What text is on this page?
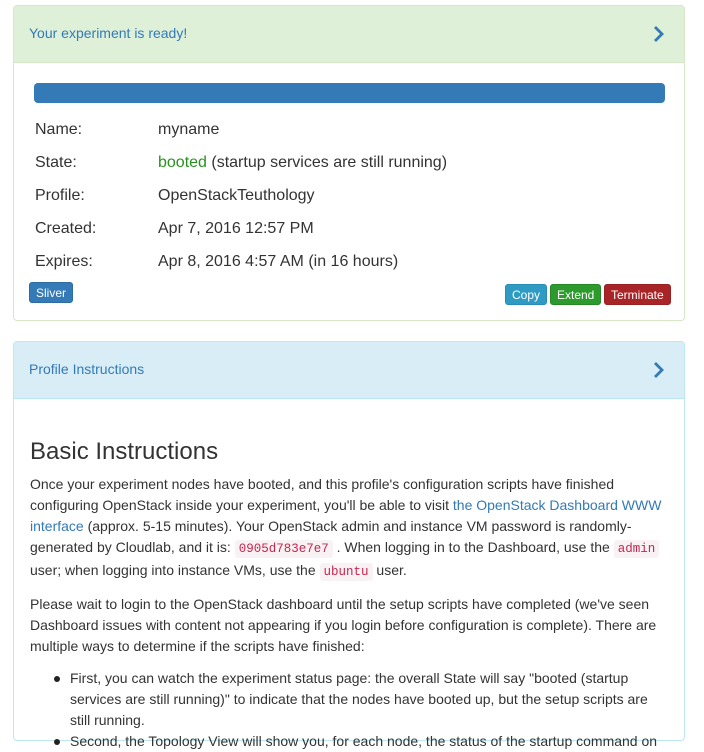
Your experiment is ready!
Name:	myname
State:	booted (startup services are still running)
Profile:	OpenStackTeuthology
Created:	Apr 7, 2016 12:57 PM
Expires:	Apr 8, 2016 4:57 AM (in 16 hours)
Sliver	Copy	Extend	Terminate
Profile Instructions
Basic Instructions

Once your experiment nodes have booted, and this profile's configuration scripts have finished configuring OpenStack inside your experiment, you'll be able to visit the OpenStack Dashboard WWW interface (approx. 5-15 minutes). Your OpenStack admin and instance VM password is randomly-generated by Cloudlab, and it is: 0905d783e7e7 . When logging in to the Dashboard, use the admin user; when logging into instance VMs, use the ubuntu user.

Please wait to login to the OpenStack dashboard until the setup scripts have completed (we've seen Dashboard issues with content not appearing if you login before configuration is complete). There are multiple ways to determine if the scripts have finished:

First, you can watch the experiment status page: the overall State will say "booted (startup services are still running)" to indicate that the nodes have booted up, but the setup scripts are still running.
Second, the Topology View will show you, for each node, the status of the startup command on
